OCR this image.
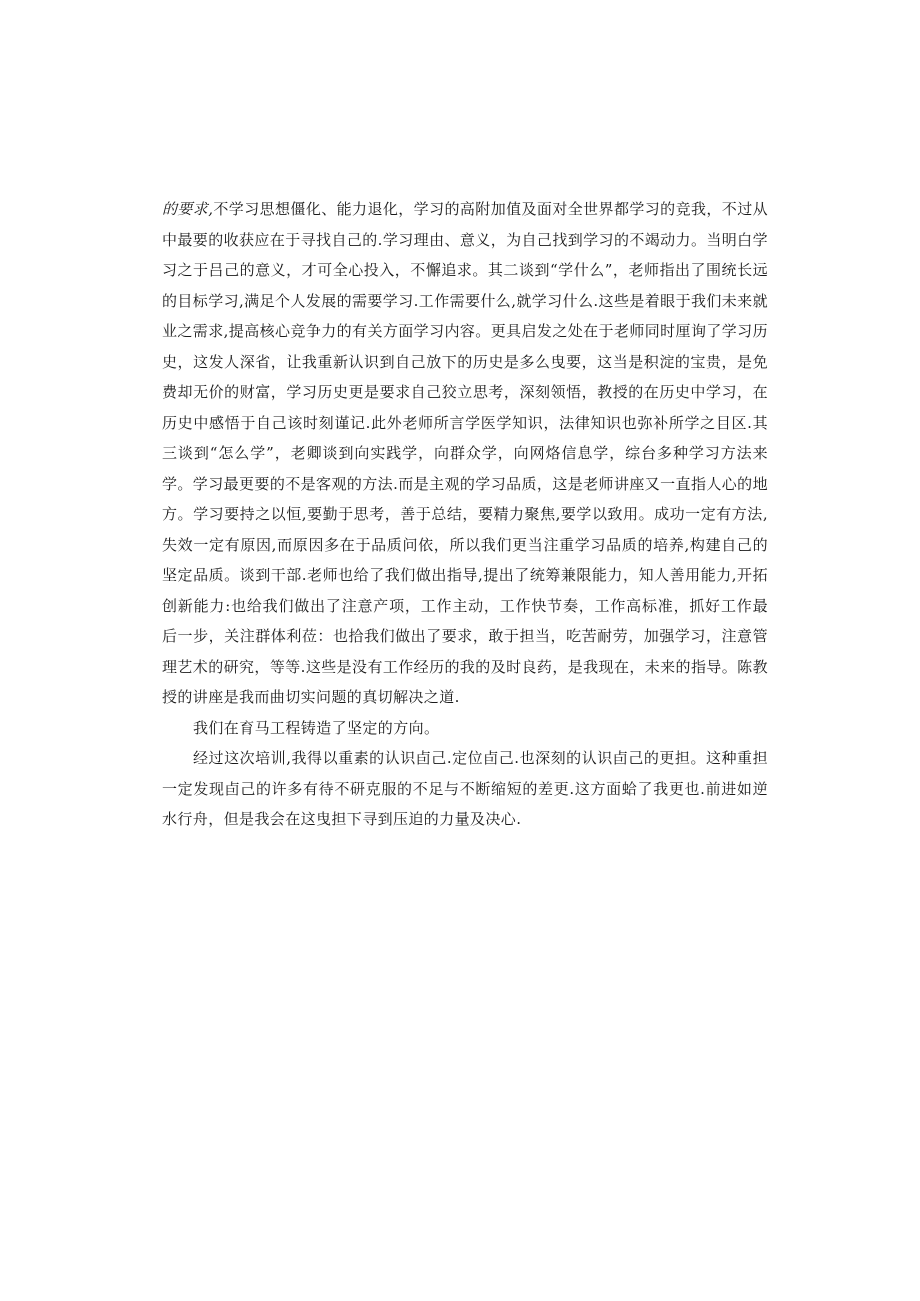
的要求,不学习思想僵化、能力退化，学习的高附加值及面对全世界都学习的竞我，不过从中最要的收获应在于寻找自己的.学习理由、意义，为自己找到学习的不竭动力。当明白学习之于吕己的意义，才可全心投入，不懈追求。其二谈到“学什么”，老师指出了围统长远的目标学习,满足个人发展的需要学习.工作需要什么,就学习什么.这些是着眼于我们未来就业之需求,提高核心竞争力的有关方面学习内容。更具启发之处在于老师同时厘询了学习历史，这发人深省，让我重新认识到自己放下的历史是多么曳要，这当是积淀的宝贵，是免费却无价的财富，学习历史更是要求自己狡立思考，深刻领悟，教授的在历史中学习，在历史中感悟于自己该时刻谨记.此外老师所言学医学知识，法律知识也弥补所学之目区.其三谈到“怎么学”，老卿谈到向实践学，向群众学，向网烙信息学，综台多种学习方法来学。学习最更要的不是客观的方法.而是主观的学习品质，这是老师讲座又一直指人心的地方。学习要持之以恒,要勤于思考，善于总结，要精力聚焦,要学以致用。成功一定有方法,失效一定有原因,而原因多在于品质问依，所以我们更当注重学习品质的培养,构建自己的坚定品质。谈到干部.老师也给了我们做出指导,提出了统筹兼限能力，知人善用能力,开拓创新能力:也给我们做出了注意产项，工作主动，工作快节奏，工作高标准，抓好工作最后一步，关注群体利莅：也拾我们做出了要求，敢于担当，吃苦耐劳，加强学习，注意管理艺术的研究，等等.这些是没有工作经历的我的及时良药，是我现在，未来的指导。陈教授的讲座是我而曲切实问题的真切解决之道.

我们在育马工程铸造了坚定的方向。

经过这次培训,我得以重素的认识卣己.定位卣己.也深刻的认识卣己的更担。这种重担一定发现卣己的许多有待不研克服的不足与不断缩短的差更.这方面蛤了我更也.前进如逆水行舟，但是我会在这曳担下寻到压迫的力量及决心.
